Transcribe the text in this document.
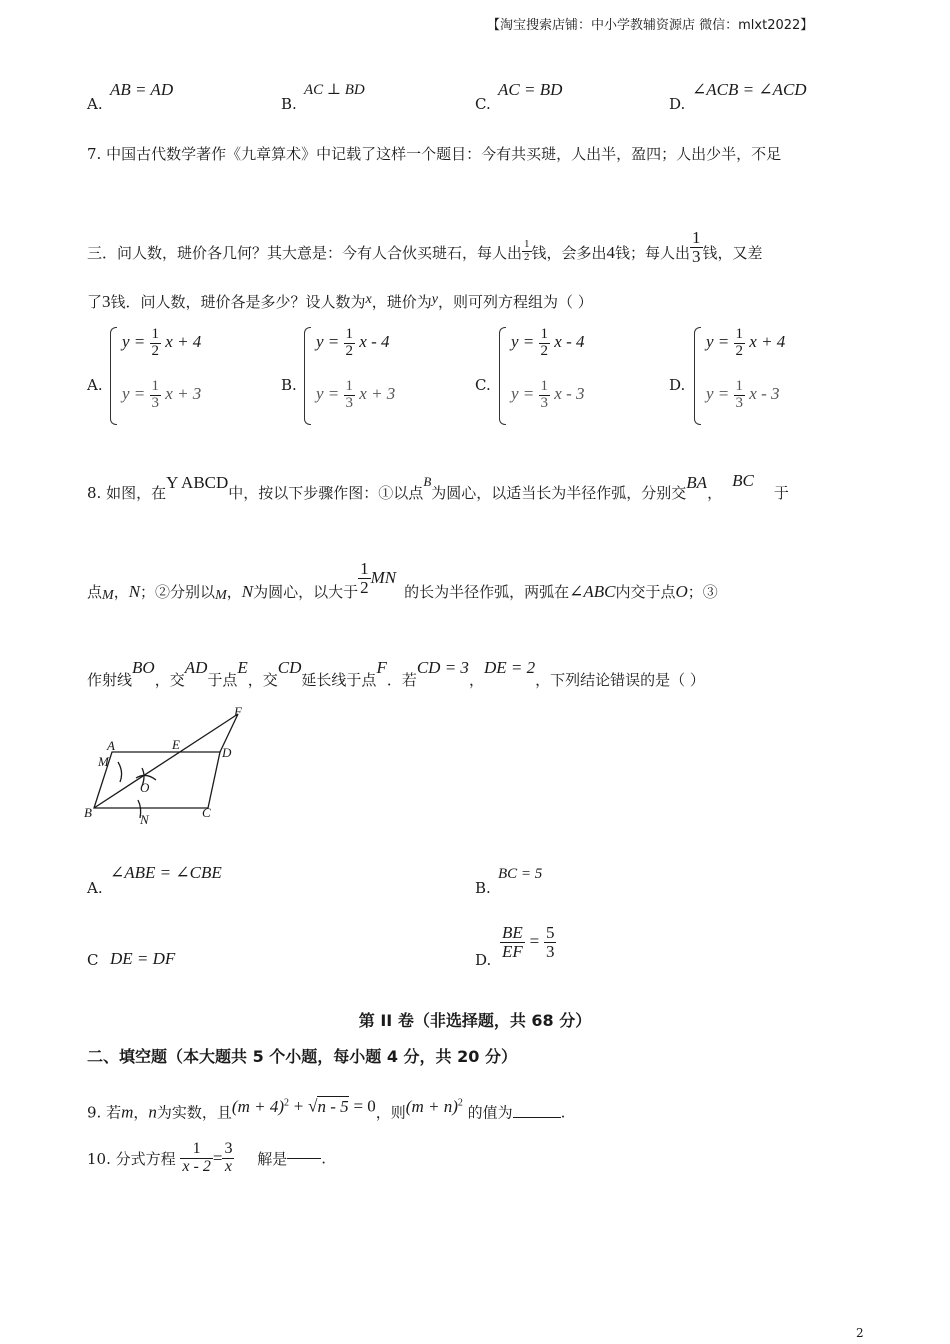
【淘宝搜索店铺：中小学教辅资源店 微信：mlxt2022】
A.
AB = AD
B.
AC ⊥ BD
C.
AC = BD
D.
∠ACB = ∠ACD
7. 中国古代数学著作《九章算术》中记载了这样一个题目：今有共买琎，人出半，盈四；人出少半，不足
三．问人数，琎价各几何？其大意是：今有人合伙买琎石，每人出 $\frac{1}{2}$ 钱，会多出4钱；每人出 $\frac{1}{3}$ 钱，又差
了3钱．问人数，琎价各是多少？设人数为x，琎价为y，则可列方程组为（ ）
A.
$y = \frac{1}{2}$ x + 4
$y = \frac{1}{3}$ x + 3	B.
$y = \frac{1}{2}$ x - 4
$y = \frac{1}{3}$ x + 3	C.
$y = \frac{1}{2}$ x - 4
$y = \frac{1}{3}$ x - 3	D.
$y = \frac{1}{2}$ x + 4
$y = \frac{1}{3}$ x - 3
8. 如图，在Y ABCD中，按以下步骤作图：①以点B为圆心，以适当长为半径作弧，分别交BA，BC于
点M，N；②分别以M，N为圆心，以大于 $\frac{1}{2}$ MN的长为半径作弧，两弧在∠ABC内交于点O；③
作射线BO，交AD于点E，交CD延长线于点F．若CD = 3，DE = 2，下列结论错误的是（ ）
A
B	C
D
E
F
M
N
O
A.
∠ABE = ∠CBE
B.
BC = 5
C DE = DF	D. $\frac{BE}{EF} = \frac{5}{3}$
第 II 卷（非选择题，共 68 分）
二、填空题（本大题共 5 个小题，每小题 4 分，共 20 分）
9. 若m，n为实数，且$(m + 4)^2 + √n - 5 = 0$，则$(m + n)^2$ 的值为	.
10. 分式方程 $\frac{1}{x - 2} = \frac{3}{x}$ 解是 .
2
